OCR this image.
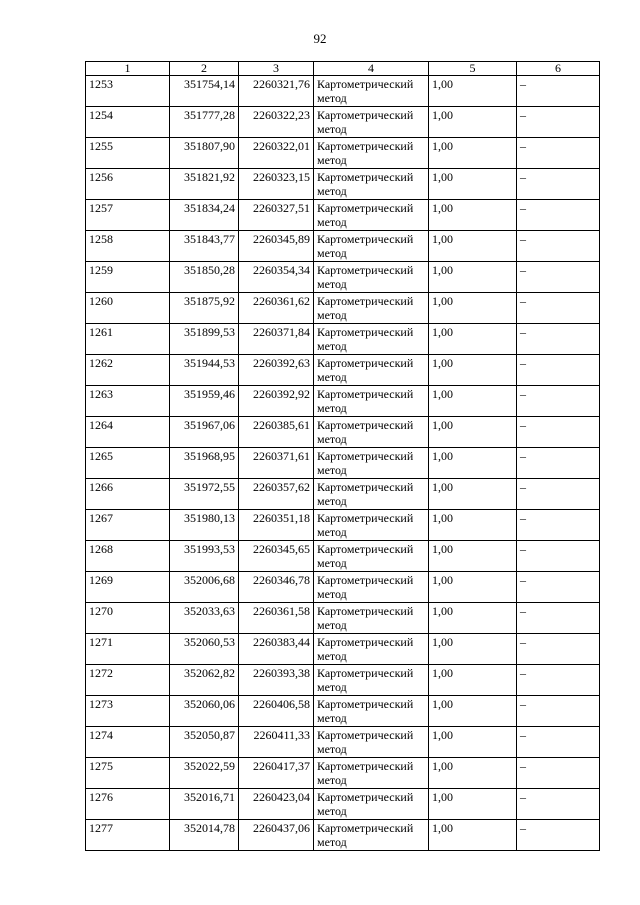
92
1	2	3	4	5	6
1253	351754,14	2260321,76	Картометрический метод	1,00	–
1254	351777,28	2260322,23	Картометрический метод	1,00	–
1255	351807,90	2260322,01	Картометрический метод	1,00	–
1256	351821,92	2260323,15	Картометрический метод	1,00	–
1257	351834,24	2260327,51	Картометрический метод	1,00	–
1258	351843,77	2260345,89	Картометрический метод	1,00	–
1259	351850,28	2260354,34	Картометрический метод	1,00	–
1260	351875,92	2260361,62	Картометрический метод	1,00	–
1261	351899,53	2260371,84	Картометрический метод	1,00	–
1262	351944,53	2260392,63	Картометрический метод	1,00	–
1263	351959,46	2260392,92	Картометрический метод	1,00	–
1264	351967,06	2260385,61	Картометрический метод	1,00	–
1265	351968,95	2260371,61	Картометрический метод	1,00	–
1266	351972,55	2260357,62	Картометрический метод	1,00	–
1267	351980,13	2260351,18	Картометрический метод	1,00	–
1268	351993,53	2260345,65	Картометрический метод	1,00	–
1269	352006,68	2260346,78	Картометрический метод	1,00	–
1270	352033,63	2260361,58	Картометрический метод	1,00	–
1271	352060,53	2260383,44	Картометрический метод	1,00	–
1272	352062,82	2260393,38	Картометрический метод	1,00	–
1273	352060,06	2260406,58	Картометрический метод	1,00	–
1274	352050,87	2260411,33	Картометрический метод	1,00	–
1275	352022,59	2260417,37	Картометрический метод	1,00	–
1276	352016,71	2260423,04	Картометрический метод	1,00	–
1277	352014,78	2260437,06	Картометрический метод	1,00	–
